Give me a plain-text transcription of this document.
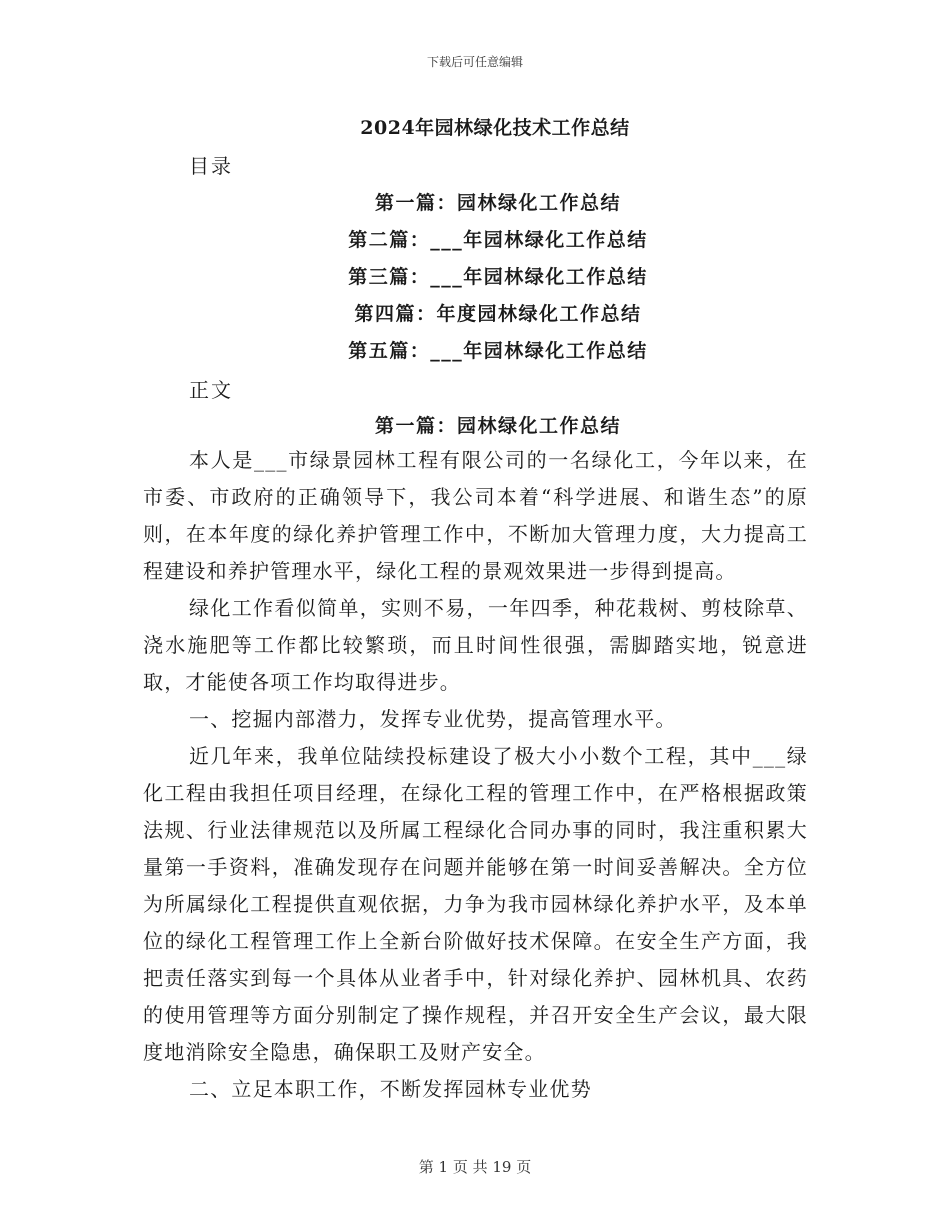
下载后可任意编辑
2024年园林绿化技术工作总结
目录
第一篇：园林绿化工作总结
第二篇：___年园林绿化工作总结
第三篇：___年园林绿化工作总结
第四篇：年度园林绿化工作总结
第五篇：___年园林绿化工作总结
正文
第一篇：园林绿化工作总结

本人是___市绿景园林工程有限公司的一名绿化工，今年以来，在市委、市政府的正确领导下，我公司本着“科学进展、和谐生态”的原则，在本年度的绿化养护管理工作中，不断加大管理力度，大力提高工程建设和养护管理水平，绿化工程的景观效果进一步得到提高。

绿化工作看似简单，实则不易，一年四季，种花栽树、剪枝除草、浇水施肥等工作都比较繁琐，而且时间性很强，需脚踏实地，锐意进取，才能使各项工作均取得进步。

一、挖掘内部潜力，发挥专业优势，提高管理水平。

近几年来，我单位陆续投标建设了极大小小数个工程，其中___绿化工程由我担任项目经理，在绿化工程的管理工作中，在严格根据政策法规、行业法律规范以及所属工程绿化合同办事的同时，我注重积累大量第一手资料，准确发现存在问题并能够在第一时间妥善解决。全方位为所属绿化工程提供直观依据，力争为我市园林绿化养护水平，及本单位的绿化工程管理工作上全新台阶做好技术保障。在安全生产方面，我把责任落实到每一个具体从业者手中，针对绿化养护、园林机具、农药的使用管理等方面分别制定了操作规程，并召开安全生产会议，最大限度地消除安全隐患，确保职工及财产安全。

二、立足本职工作，不断发挥园林专业优势

第 1 页 共 19 页
